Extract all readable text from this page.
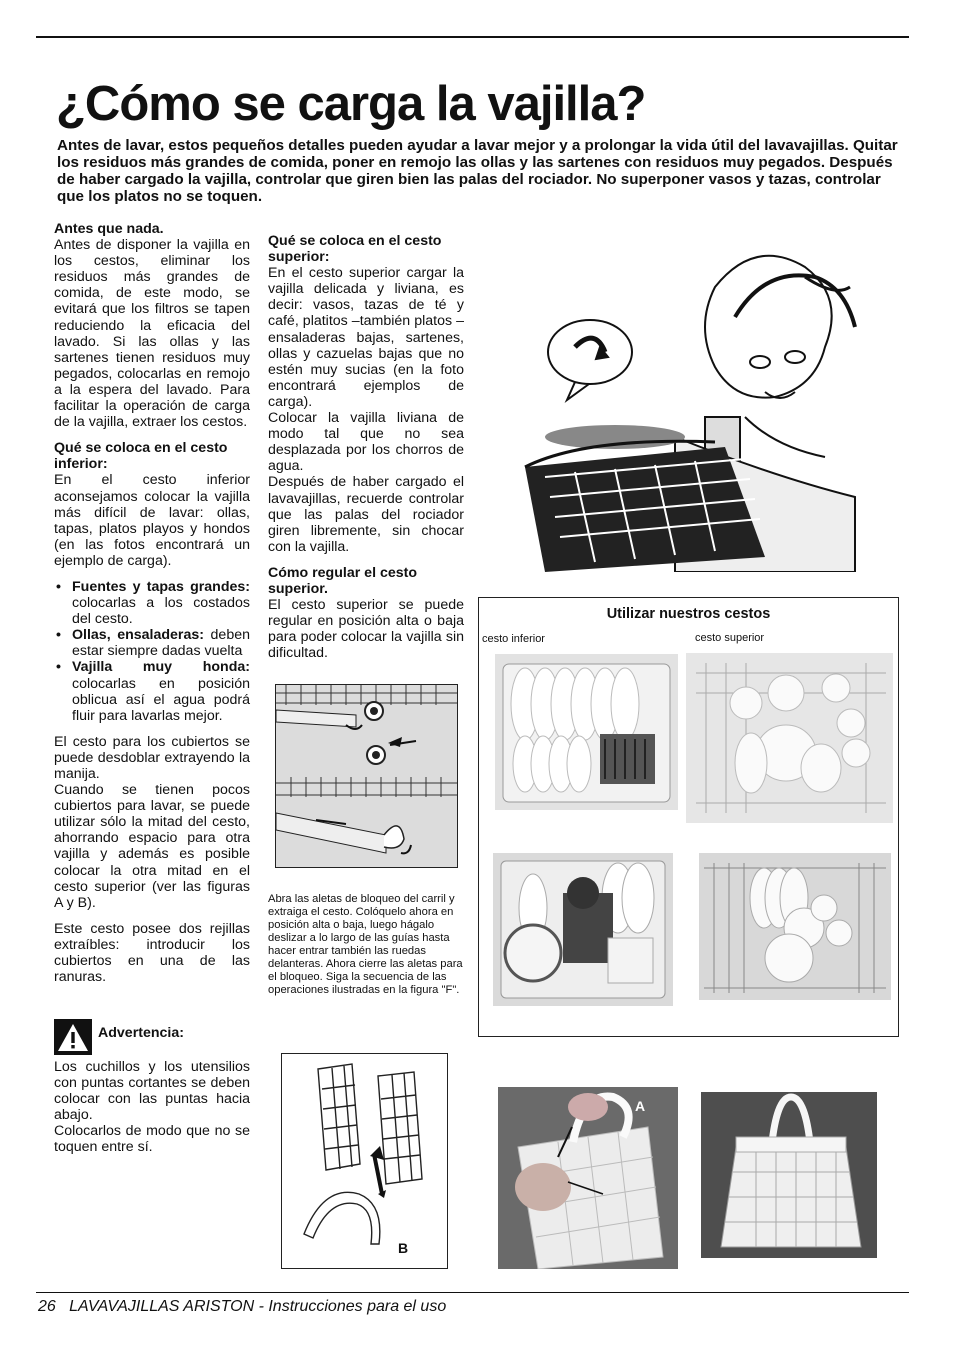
¿Cómo se carga la vajilla?

Antes de lavar, estos pequeños detalles pueden ayudar a lavar mejor y a prolongar la vida útil del lavavajillas. Quitar los residuos más grandes de comida, poner en remojo las ollas y las sartenes con residuos muy pegados. Después de haber cargado la vajilla, controlar que giren bien las palas del rociador. No superponer vasos y tazas, controlar que los platos no se toquen.

Antes que nada.

Antes de disponer la vajilla en los cestos, eliminar los residuos más grandes de comida, de este modo, se evitará que los filtros se tapen reduciendo la eficacia del lavado. Si las ollas y las sartenes tienen residuos muy pegados, colocarlas en remojo a la espera del lavado. Para facilitar la operación de carga de la vajilla, extraer los cestos.

Qué se coloca en el cesto inferior:

En el cesto inferior aconsejamos colocar la vajilla más difícil de lavar: ollas, tapas, platos playos y hondos (en las fotos encontrará un ejemplo de carga).

• Fuentes y tapas grandes: colocarlas a los costados del cesto.
• Ollas, ensaladeras: deben estar siempre dadas vuelta
• Vajilla muy honda: colocarlas en posición oblicua así el agua podrá fluir para lavarlas mejor.

El cesto para los cubiertos se puede desdoblar extrayendo la manija.

Cuando se tienen pocos cubiertos para lavar, se puede utilizar sólo la mitad del cesto, ahorrando espacio para otra vajilla y además es posible colocar la otra mitad en el cesto superior (ver las figuras A y B).

Este cesto posee dos rejillas extraíbles: introducir los cubiertos en una de las ranuras.

Advertencia:

Los cuchillos y los utensilios con puntas cortantes se deben colocar con las puntas hacia abajo.

Colocarlos de modo que no se toquen entre sí.

Qué se coloca en el cesto superior:

En el cesto superior cargar la vajilla delicada y liviana, es decir: vasos, tazas de té y café, platitos –también platos –ensaladeras bajas, sartenes, ollas y cazuelas bajas que no estén muy sucias (en la foto encontrará ejemplos de carga).

Colocar la vajilla liviana de modo tal que no sea desplazada por los chorros de agua.

Después de haber cargado el lavavajillas, recuerde controlar que las palas del rociador giren libremente, sin chocar con la vajilla.

Cómo regular el cesto superior.

El cesto superior se puede regular en posición alta o baja para poder colocar la vajilla sin dificultad.

Abra las aletas de bloqueo del carril y extraiga el cesto. Colóquelo ahora en posición alta o baja, luego hágalo deslizar a lo largo de las guías hasta hacer entrar también las ruedas delanteras. Ahora cierre las aletas para el bloqueo. Siga la secuencia de las operaciones ilustradas en la figura "F".

Utilizar nuestros cestos
cesto inferior	cesto superior
B
A
26 LAVAVAJILLAS ARISTON - Instrucciones para el uso
